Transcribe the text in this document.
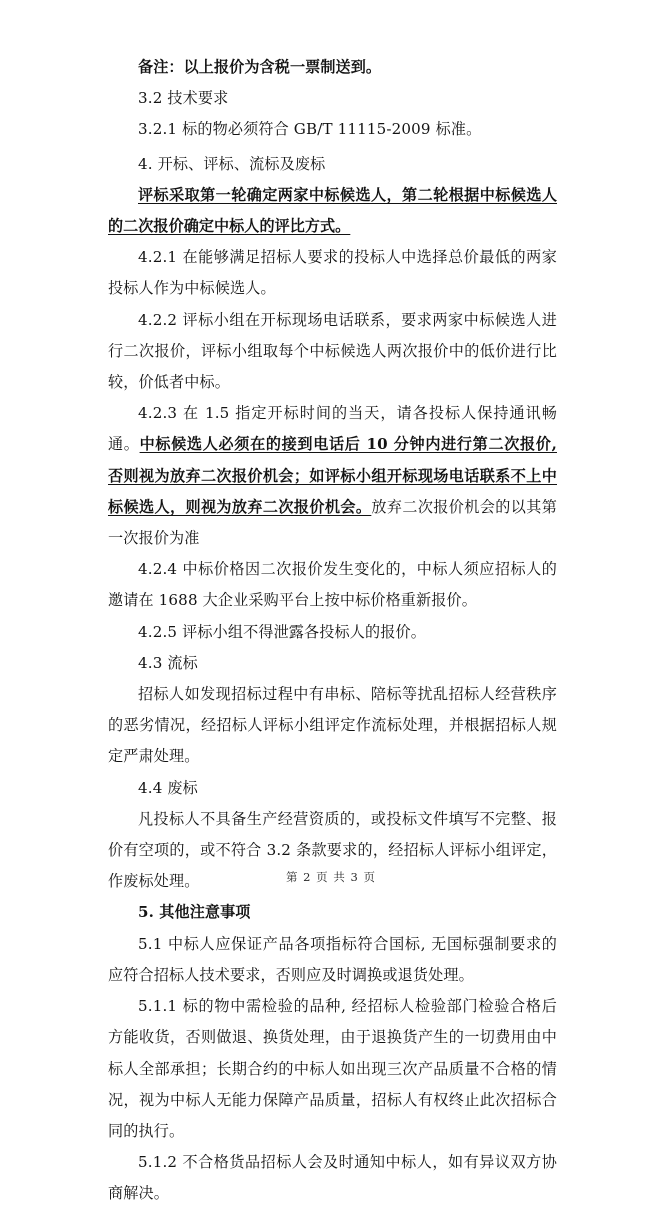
备注：以上报价为含税一票制送到。

3.2 技术要求

3.2.1 标的物必须符合 GB/T 11115-2009 标准。

4. 开标、评标、流标及废标

评标采取第一轮确定两家中标候选人，第二轮根据中标候选人的二次报价确定中标人的评比方式。

4.2.1 在能够满足招标人要求的投标人中选择总价最低的两家投标人作为中标候选人。

4.2.2 评标小组在开标现场电话联系，要求两家中标候选人进行二次报价，评标小组取每个中标候选人两次报价中的低价进行比较，价低者中标。

4.2.3 在 1.5 指定开标时间的当天，请各投标人保持通讯畅通。中标候选人必须在的接到电话后 10 分钟内进行第二次报价, 否则视为放弃二次报价机会；如评标小组开标现场电话联系不上中标候选人，则视为放弃二次报价机会。放弃二次报价机会的以其第一次报价为准

4.2.4 中标价格因二次报价发生变化的，中标人须应招标人的邀请在 1688 大企业采购平台上按中标价格重新报价。

4.2.5 评标小组不得泄露各投标人的报价。

4.3 流标

招标人如发现招标过程中有串标、陪标等扰乱招标人经营秩序的恶劣情况，经招标人评标小组评定作流标处理，并根据招标人规定严肃处理。

4.4 废标

凡投标人不具备生产经营资质的，或投标文件填写不完整、报价有空项的，或不符合 3.2 条款要求的，经招标人评标小组评定，作废标处理。

5. 其他注意事项

5.1 中标人应保证产品各项指标符合国标, 无国标强制要求的应符合招标人技术要求，否则应及时调换或退货处理。

5.1.1 标的物中需检验的品种, 经招标人检验部门检验合格后方能收货，否则做退、换货处理，由于退换货产生的一切费用由中标人全部承担；长期合约的中标人如出现三次产品质量不合格的情况，视为中标人无能力保障产品质量，招标人有权终止此次招标合同的执行。

5.1.2 不合格货品招标人会及时通知中标人，如有异议双方协商解决。

第 2 页 共 3 页
